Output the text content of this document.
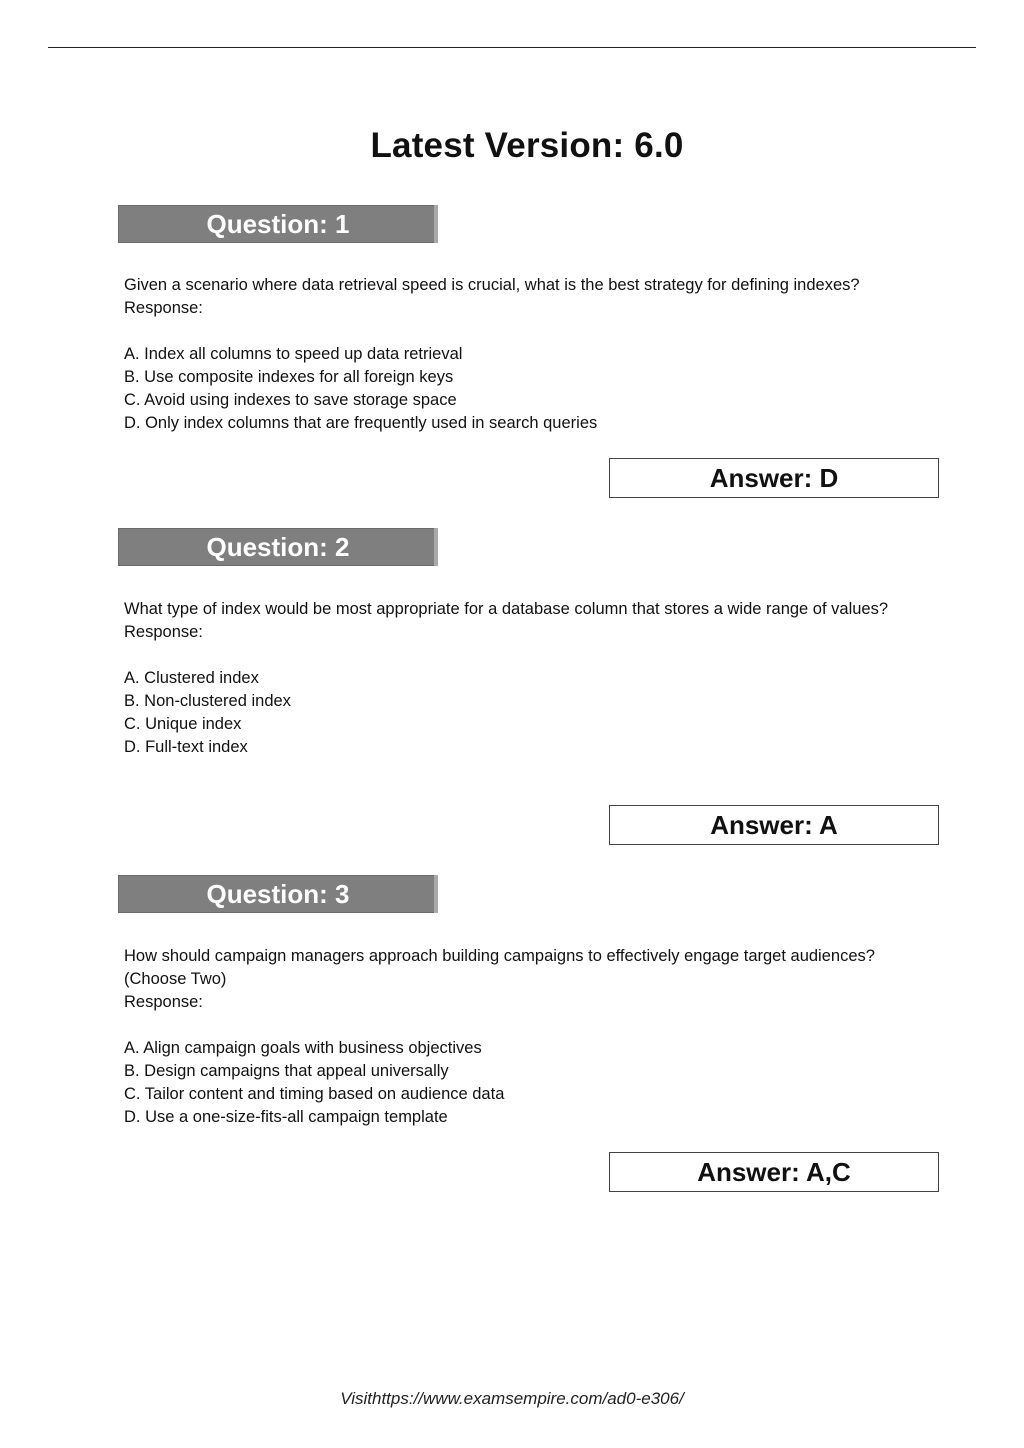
Latest Version: 6.0
Question: 1

Given a scenario where data retrieval speed is crucial, what is the best strategy for defining indexes?

Response:

A. Index all columns to speed up data retrieval

B. Use composite indexes for all foreign keys

C. Avoid using indexes to save storage space

D. Only index columns that are frequently used in search queries

Answer: D
Question: 2

What type of index would be most appropriate for a database column that stores a wide range of values?

Response:

A. Clustered index

B. Non-clustered index

C. Unique index

D. Full-text index

Answer: A
Question: 3

How should campaign managers approach building campaigns to effectively engage target audiences? (Choose Two)

Response:

A. Align campaign goals with business objectives

B. Design campaigns that appeal universally

C. Tailor content and timing based on audience data

D. Use a one-size-fits-all campaign template

Answer: A,C
Visithttps://www.examsempire.com/ad0-e306/
